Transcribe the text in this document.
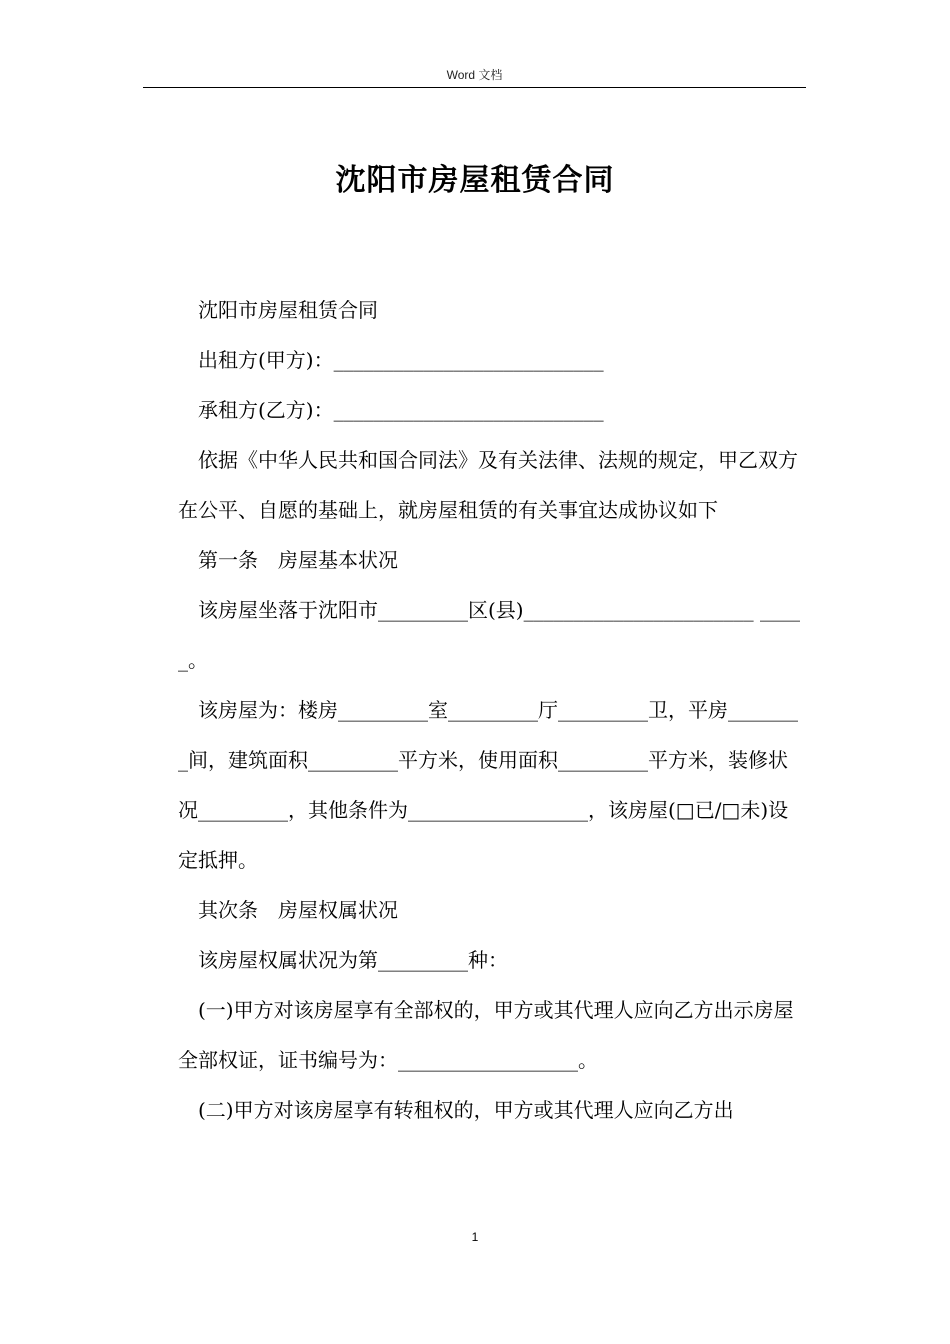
Word 文档
沈阳市房屋租赁合同

沈阳市房屋租赁合同

出租方(甲方)：___________________________

承租方(乙方)：___________________________

依据《中华人民共和国合同法》及有关法律、法规的规定，甲乙双方在公平、自愿的基础上，就房屋租赁的有关事宜达成协议如下

第一条　房屋基本状况

该房屋坐落于沈阳市_________区(县)_______________________ _____。

该房屋为：楼房_________室_________厅_________卫，平房________间，建筑面积_________平方米，使用面积_________平方米，装修状况_________，其他条件为__________________，该房屋(□已/□未)设定抵押。

其次条　房屋权属状况

该房屋权属状况为第_________种：

(一)甲方对该房屋享有全部权的，甲方或其代理人应向乙方出示房屋全部权证，证书编号为：__________________。

(二)甲方对该房屋享有转租权的，甲方或其代理人应向乙方出

1
